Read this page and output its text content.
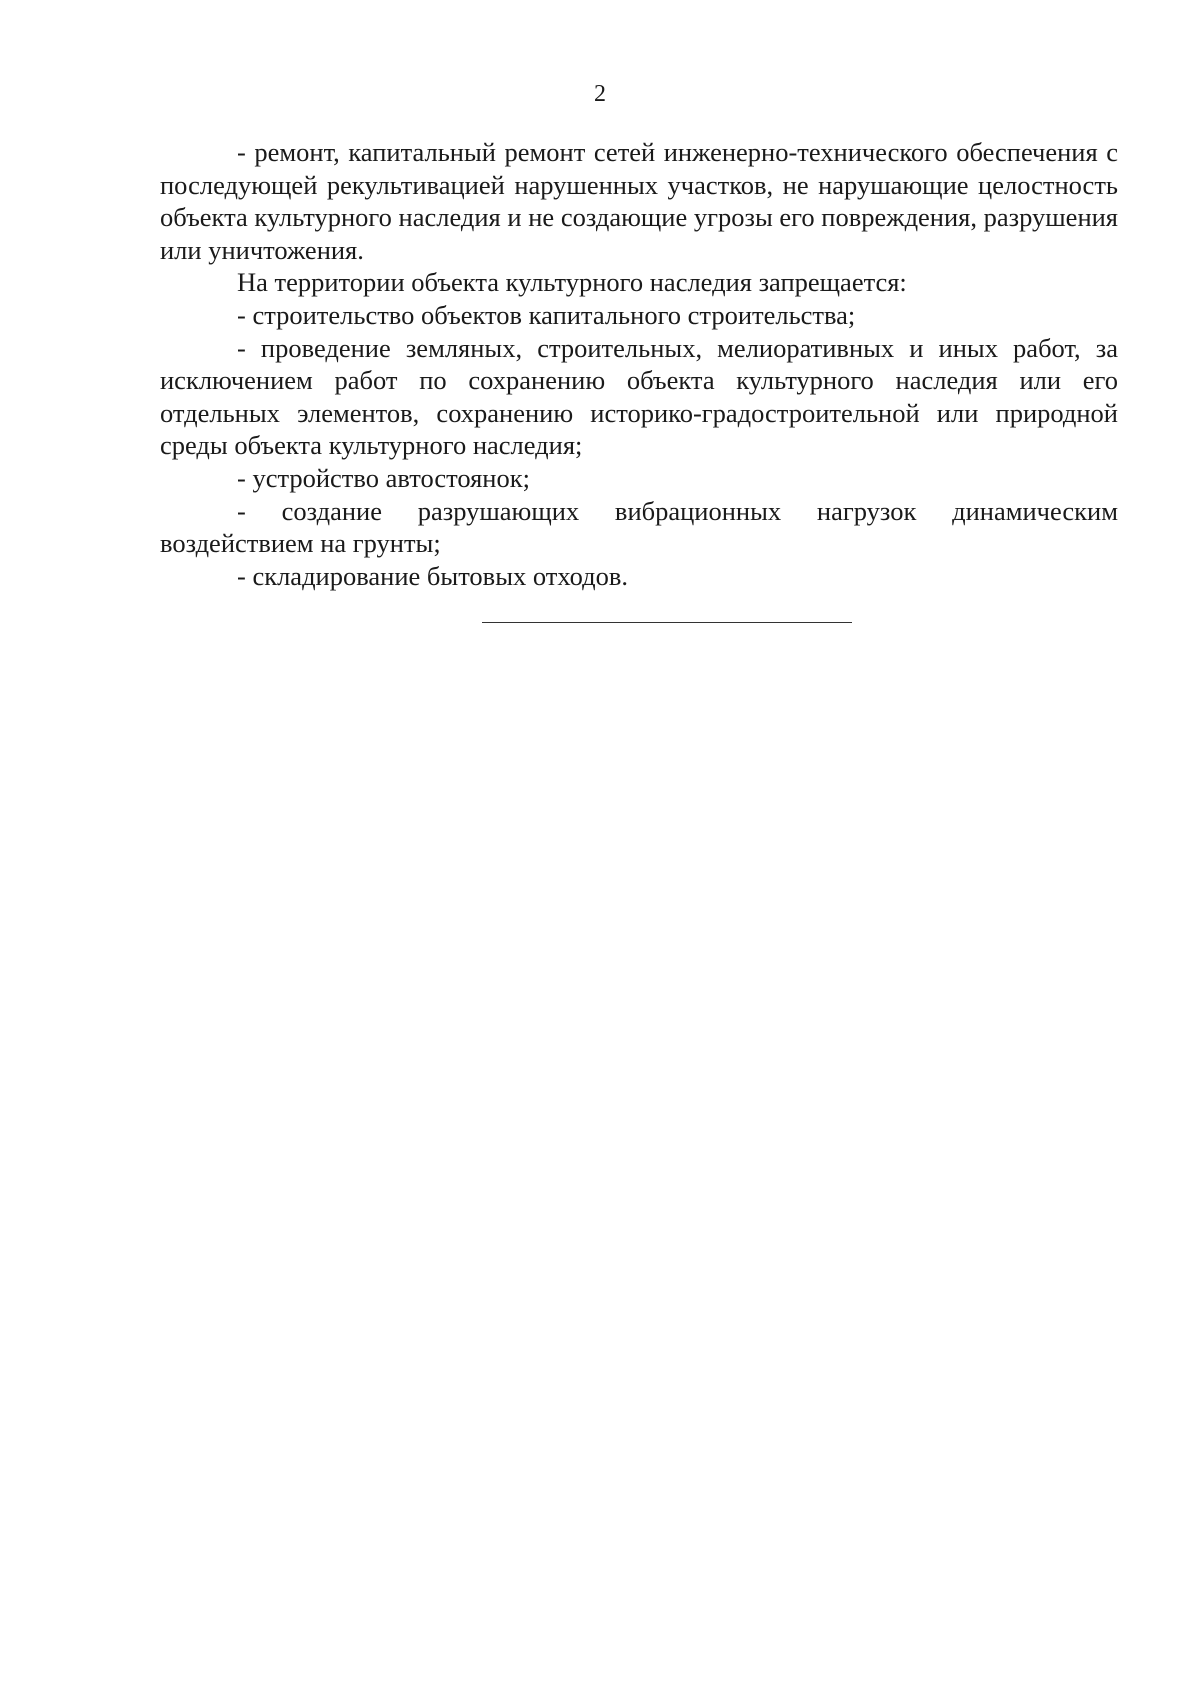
2

- ремонт, капитальный ремонт сетей инженерно-технического обеспечения с последующей рекультивацией нарушенных участков, не нарушающие целостность объекта культурного наследия и не создающие угрозы его повреждения, разрушения или уничтожения.

На территории объекта культурного наследия запрещается:

- строительство объектов капитального строительства;

- проведение земляных, строительных, мелиоративных и иных работ, за исключением работ по сохранению объекта культурного наследия или его отдельных элементов, сохранению историко-градостроительной или природной среды объекта культурного наследия;

- устройство автостоянок;

- создание разрушающих вибрационных нагрузок динамическим воздействием на грунты;

- складирование бытовых отходов.
